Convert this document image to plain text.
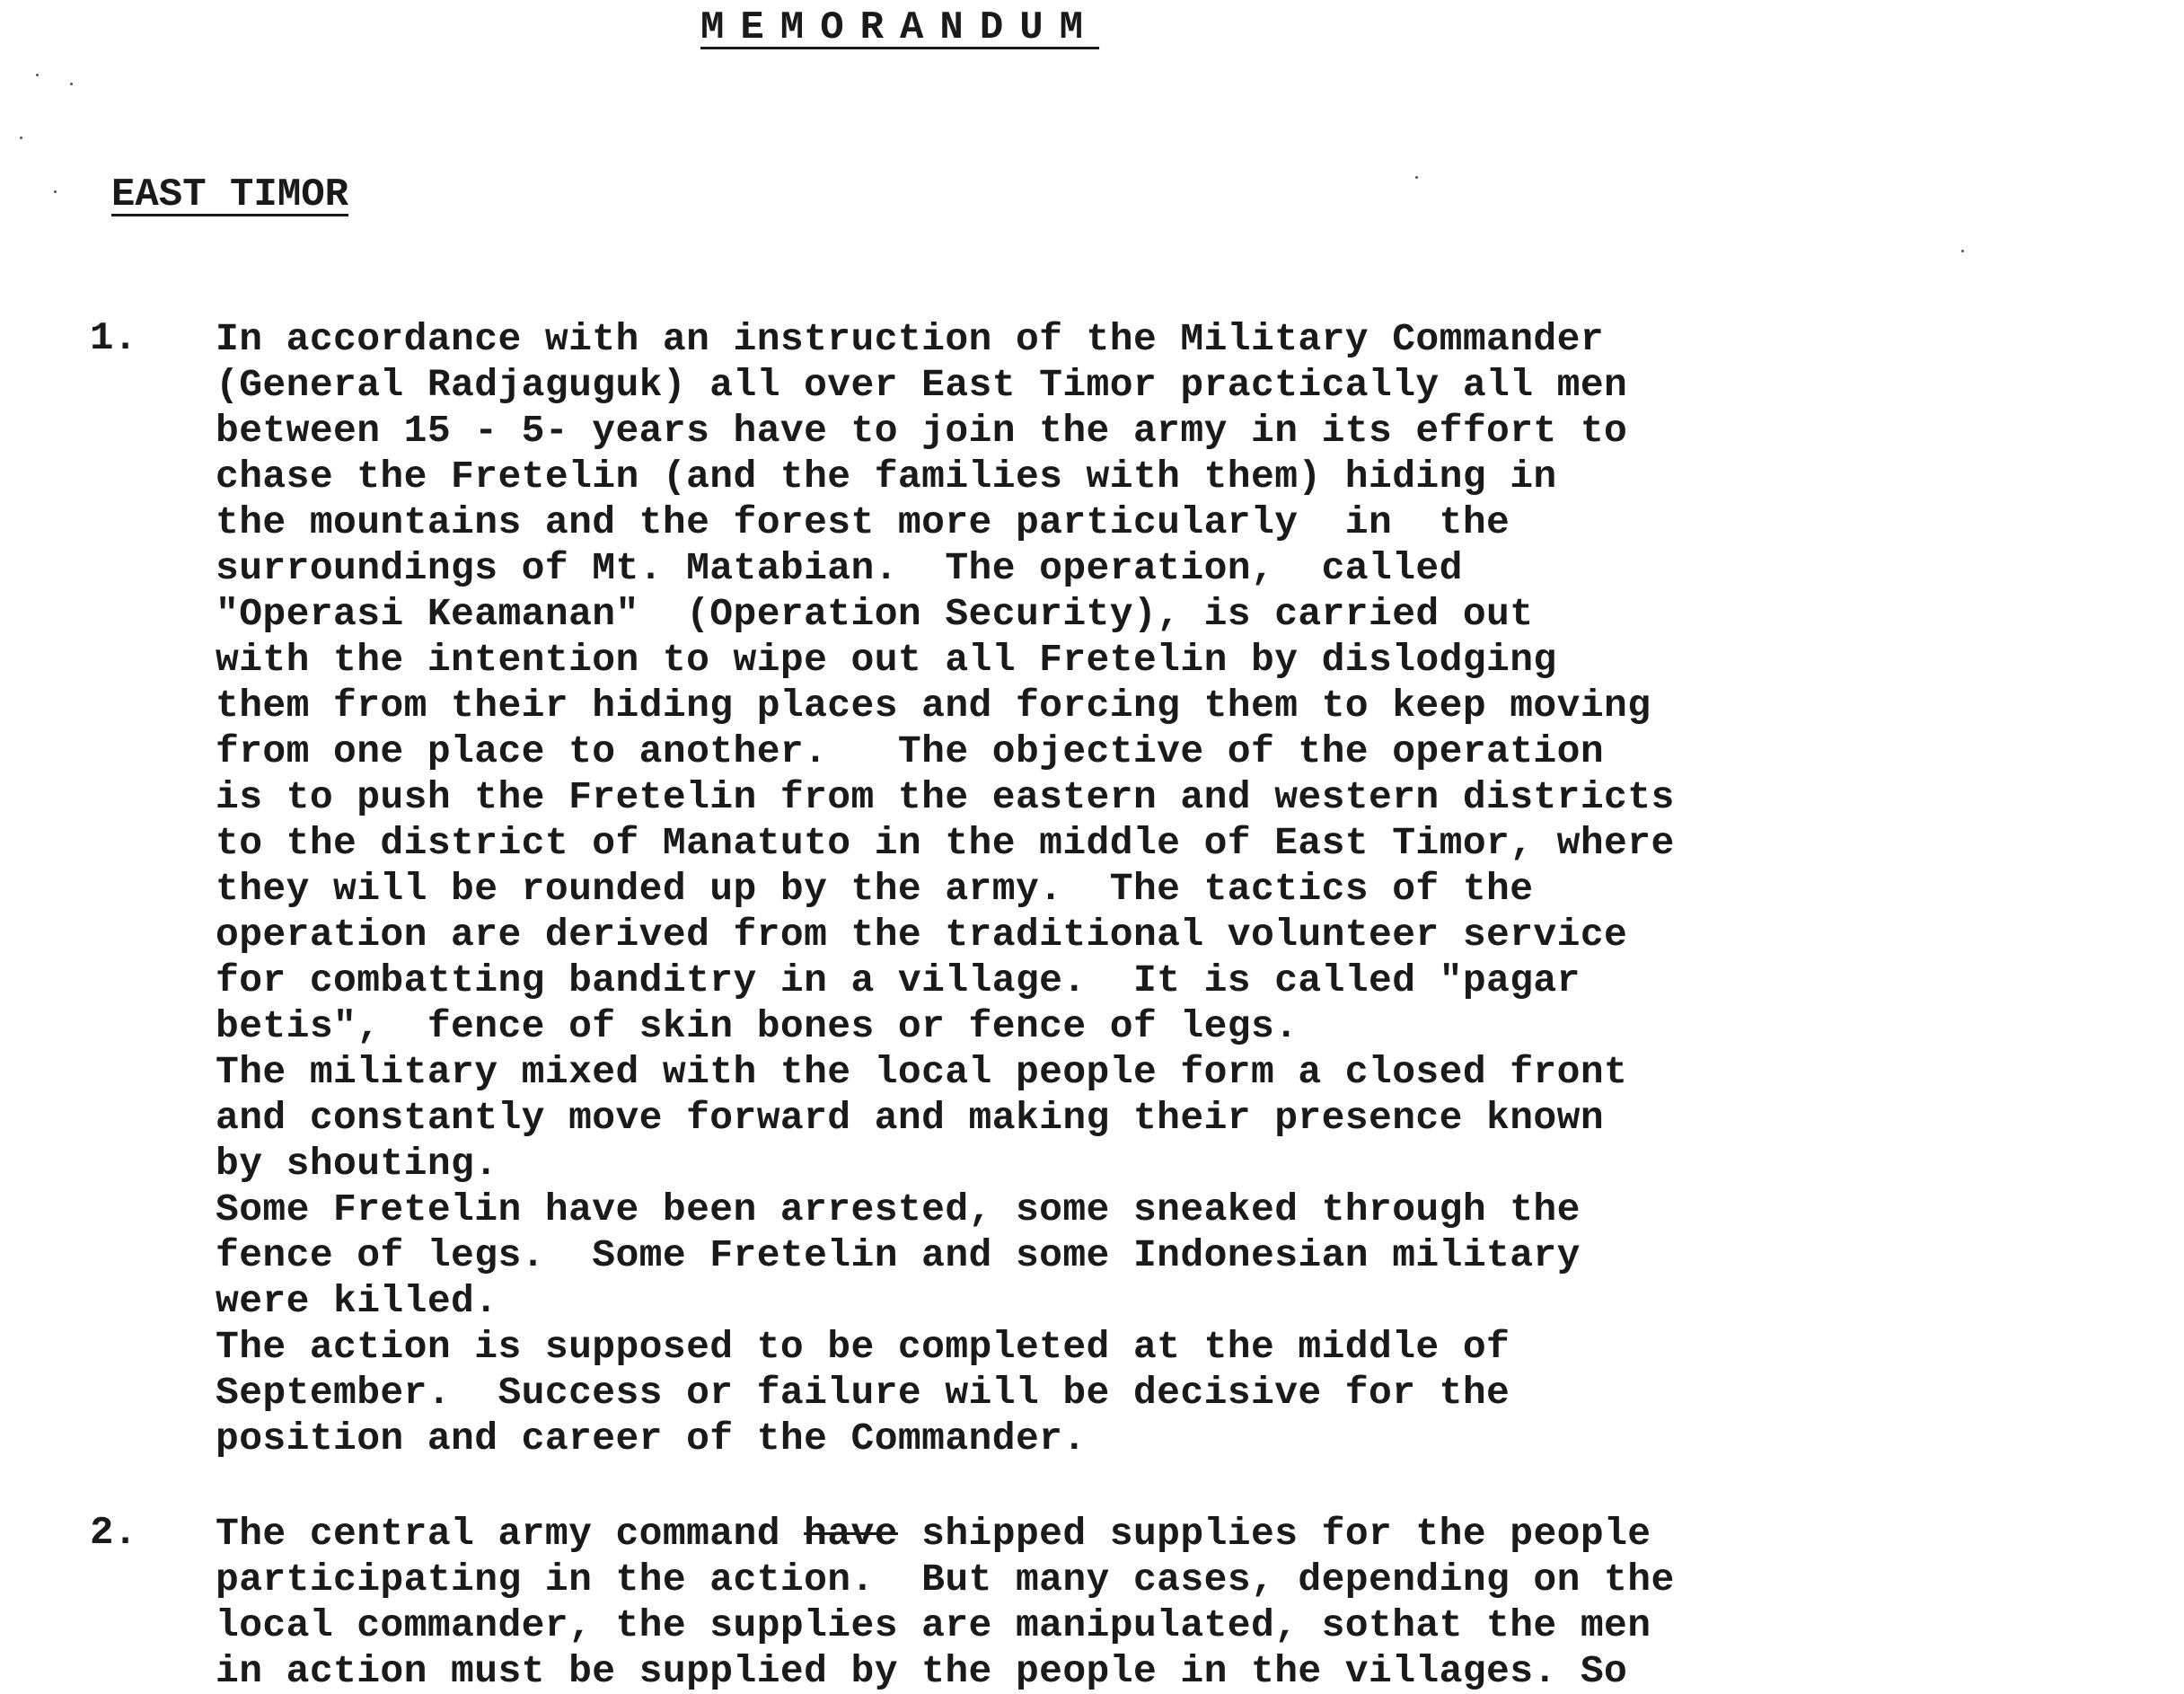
MEMORANDUM
EAST TIMOR
1. In accordance with an instruction of the Military Commander
(General Radjaguguk) all over East Timor practically all men
between 15 - 5- years have to join the army in its effort to
chase the Fretelin (and the families with them) hiding in
the mountains and the forest more particularly  in  the
surroundings of Mt. Matabian.  The operation,  called
"Operasi Keamanan"  (Operation Security), is carried out
with the intention to wipe out all Fretelin by dislodging
them from their hiding places and forcing them to keep moving
from one place to another.   The objective of the operation
is to push the Fretelin from the eastern and western districts
to the district of Manatuto in the middle of East Timor, where
they will be rounded up by the army.  The tactics of the
operation are derived from the traditional volunteer service
for combatting banditry in a village.  It is called "pagar
betis",  fence of skin bones or fence of legs.
The military mixed with the local people form a closed front
and constantly move forward and making their presence known
by shouting.
Some Fretelin have been arrested, some sneaked through the
fence of legs.  Some Fretelin and some Indonesian military
were killed.
The action is supposed to be completed at the middle of
September.  Success or failure will be decisive for the
position and career of the Commander.
2. The central army command have shipped supplies for the people
participating in the action.  But many cases, depending on the
local commander, the supplies are manipulated, sothat the men
in action must be supplied by the people in the villages. So
